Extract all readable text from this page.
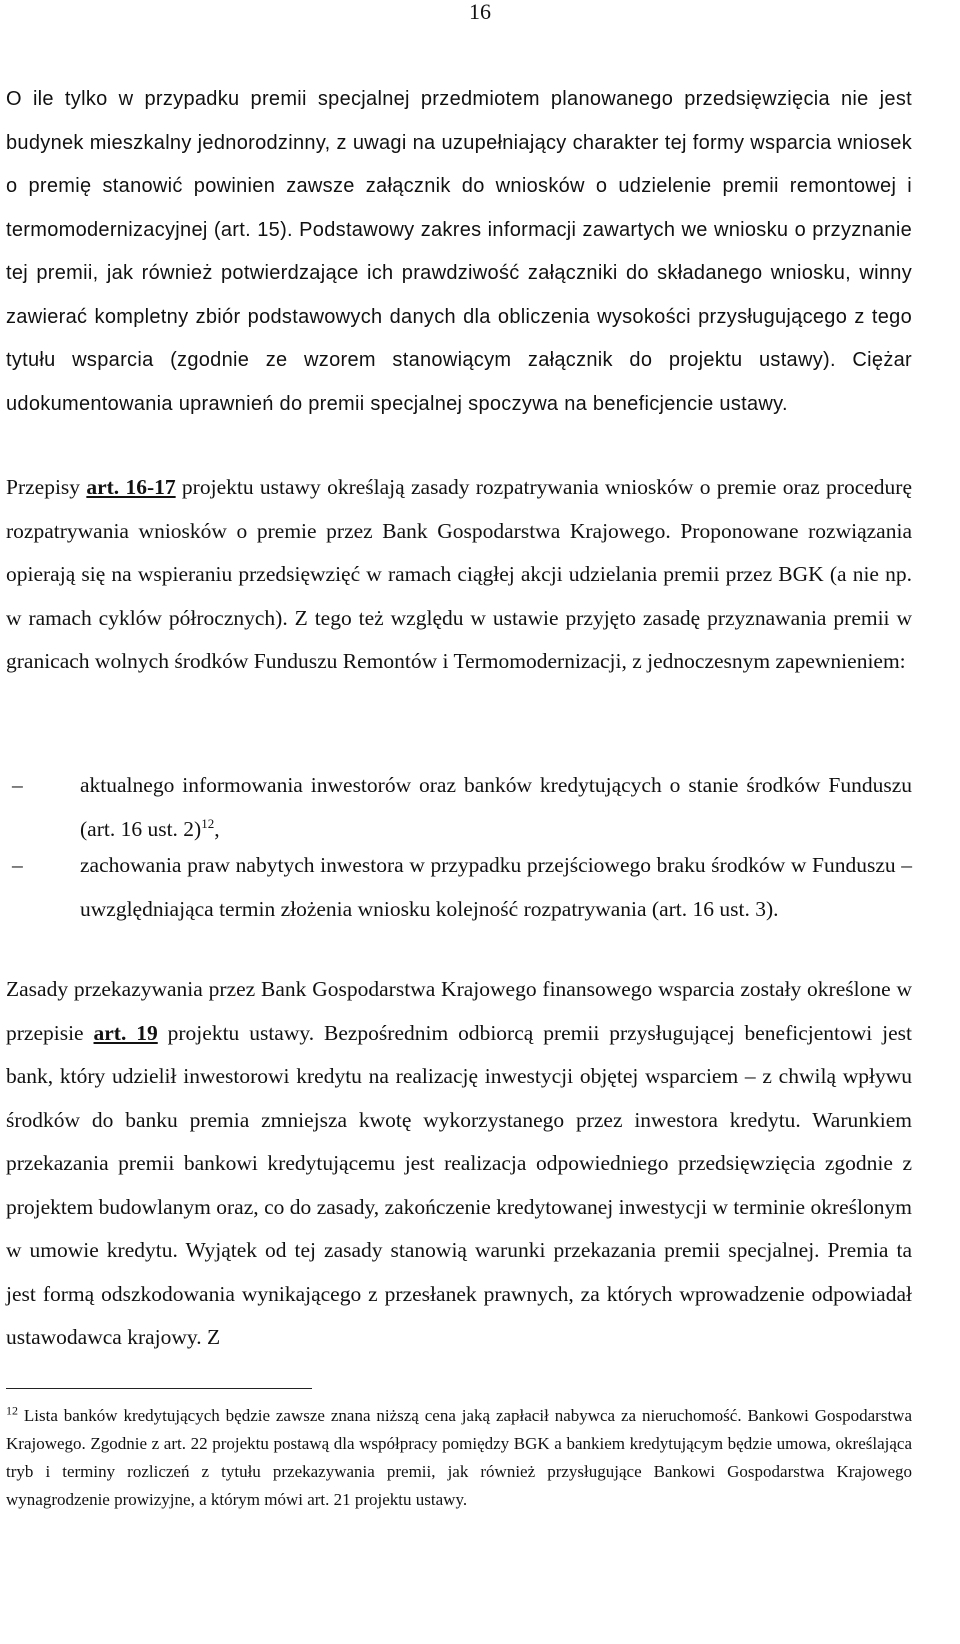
16

O ile tylko w przypadku premii specjalnej przedmiotem planowanego przedsięwzięcia nie jest budynek mieszkalny jednorodzinny, z uwagi na uzupełniający charakter tej formy wsparcia wniosek o premię stanowić powinien zawsze załącznik do wniosków o udzielenie premii remontowej i termomodernizacyjnej (art. 15). Podstawowy zakres informacji zawartych we wniosku o przyznanie tej premii, jak również potwierdzające ich prawdziwość załączniki do składanego wniosku, winny zawierać kompletny zbiór podstawowych danych dla obliczenia wysokości przysługującego z tego tytułu wsparcia (zgodnie ze wzorem stanowiącym załącznik do projektu ustawy). Ciężar udokumentowania uprawnień do premii specjalnej spoczywa na beneficjencie ustawy.

Przepisy art. 16-17 projektu ustawy określają zasady rozpatrywania wniosków o premie oraz procedurę rozpatrywania wniosków o premie przez Bank Gospodarstwa Krajowego. Proponowane rozwiązania opierają się na wspieraniu przedsięwzięć w ramach ciągłej akcji udzielania premii przez BGK (a nie np. w ramach cyklów półrocznych). Z tego też względu w ustawie przyjęto zasadę przyznawania premii w granicach wolnych środków Funduszu Remontów i Termomodernizacji, z jednoczesnym zapewnieniem:

–	aktualnego informowania inwestorów oraz banków kredytujących o stanie środków Funduszu (art. 16 ust. 2)$^{12}$,
–	zachowania praw nabytych inwestora w przypadku przejściowego braku środków w Funduszu – uwzględniająca termin złożenia wniosku kolejność rozpatrywania (art. 16 ust. 3).

Zasady przekazywania przez Bank Gospodarstwa Krajowego finansowego wsparcia zostały określone w przepisie art. 19 projektu ustawy. Bezpośrednim odbiorcą premii przysługującej beneficjentowi jest bank, który udzielił inwestorowi kredytu na realizację inwestycji objętej wsparciem – z chwilą wpływu środków do banku premia zmniejsza kwotę wykorzystanego przez inwestora kredytu. Warunkiem przekazania premii bankowi kredytującemu jest realizacja odpowiedniego przedsięwzięcia zgodnie z projektem budowlanym oraz, co do zasady, zakończenie kredytowanej inwestycji w terminie określonym w umowie kredytu. Wyjątek od tej zasady stanowią warunki przekazania premii specjalnej. Premia ta jest formą odszkodowania wynikającego z przesłanek prawnych, za których wprowadzenie odpowiadał ustawodawca krajowy. Z

$^{12}$ Lista banków kredytujących będzie zawsze znana niższą cena jaką zapłacił nabywca za nieruchomość. Bankowi Gospodarstwa Krajowego. Zgodnie z art. 22 projektu postawą dla współpracy pomiędzy BGK a bankiem kredytującym będzie umowa, określająca tryb i terminy rozliczeń z tytułu przekazywania premii, jak również przysługujące Bankowi Gospodarstwa Krajowego wynagrodzenie prowizyjne, a którym mówi art. 21 projektu ustawy.
